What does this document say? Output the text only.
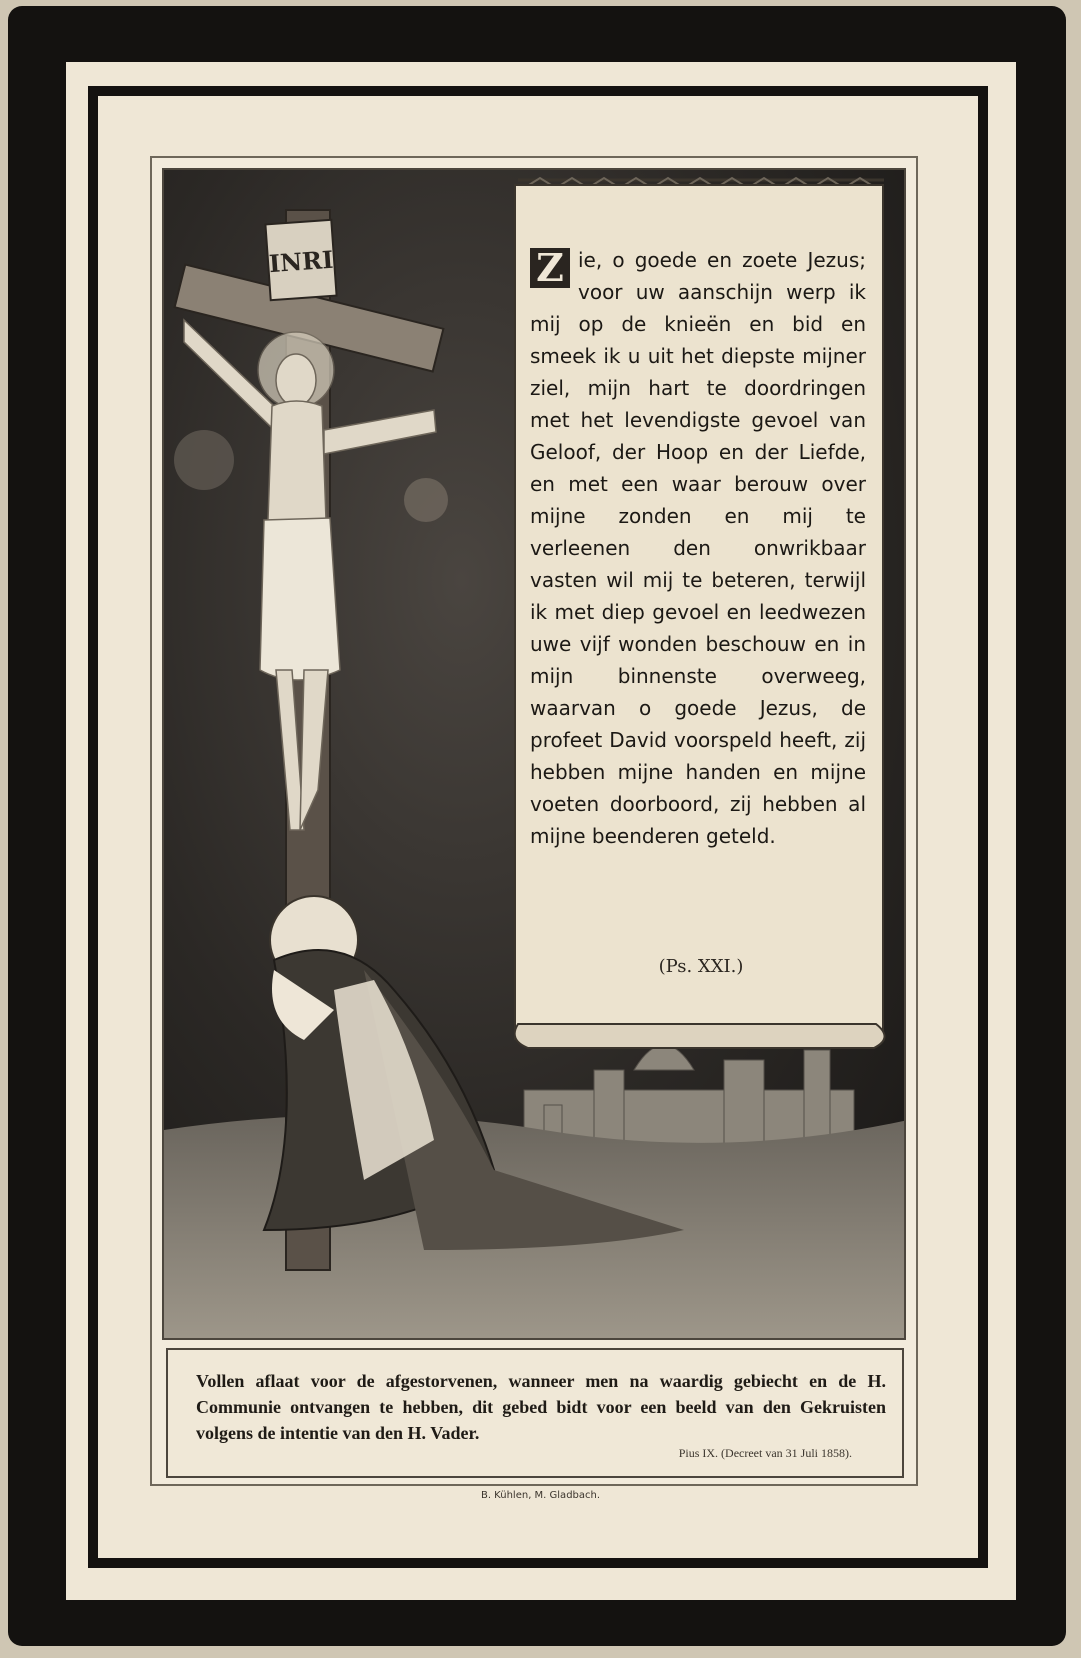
INRI	Z ie, o goede en zoete Jezus; voor uw aanschijn werp ik mij op de knieën en bid en smeek ik u uit het diepste mijner ziel, mijn hart te doordringen met het levendigste gevoel van Geloof, der Hoop en der Liefde, en met een waar berouw over mijne zonden en mij te verleenen den onwrikbaar vasten wil mij te beteren, terwijl ik met diep gevoel en leedwezen uwe vijf wonden beschouw en in mijn binnenste overweeg, waarvan o goede Jezus, de profeet David voorspeld heeft, zij hebben mijne handen en mijne voeten doorboord, zij hebben al mijne beenderen geteld.

(Ps. XXI.)

Vollen aflaat voor de afgestorvenen, wanneer men na waardig gebiecht en de H. Communie ontvangen te hebben, dit gebed bidt voor een beeld van den Gekruisten volgens de intentie van den H. Vader.

Pius IX. (Decreet van 31 Juli 1858).
B. Kühlen, M. Gladbach.
